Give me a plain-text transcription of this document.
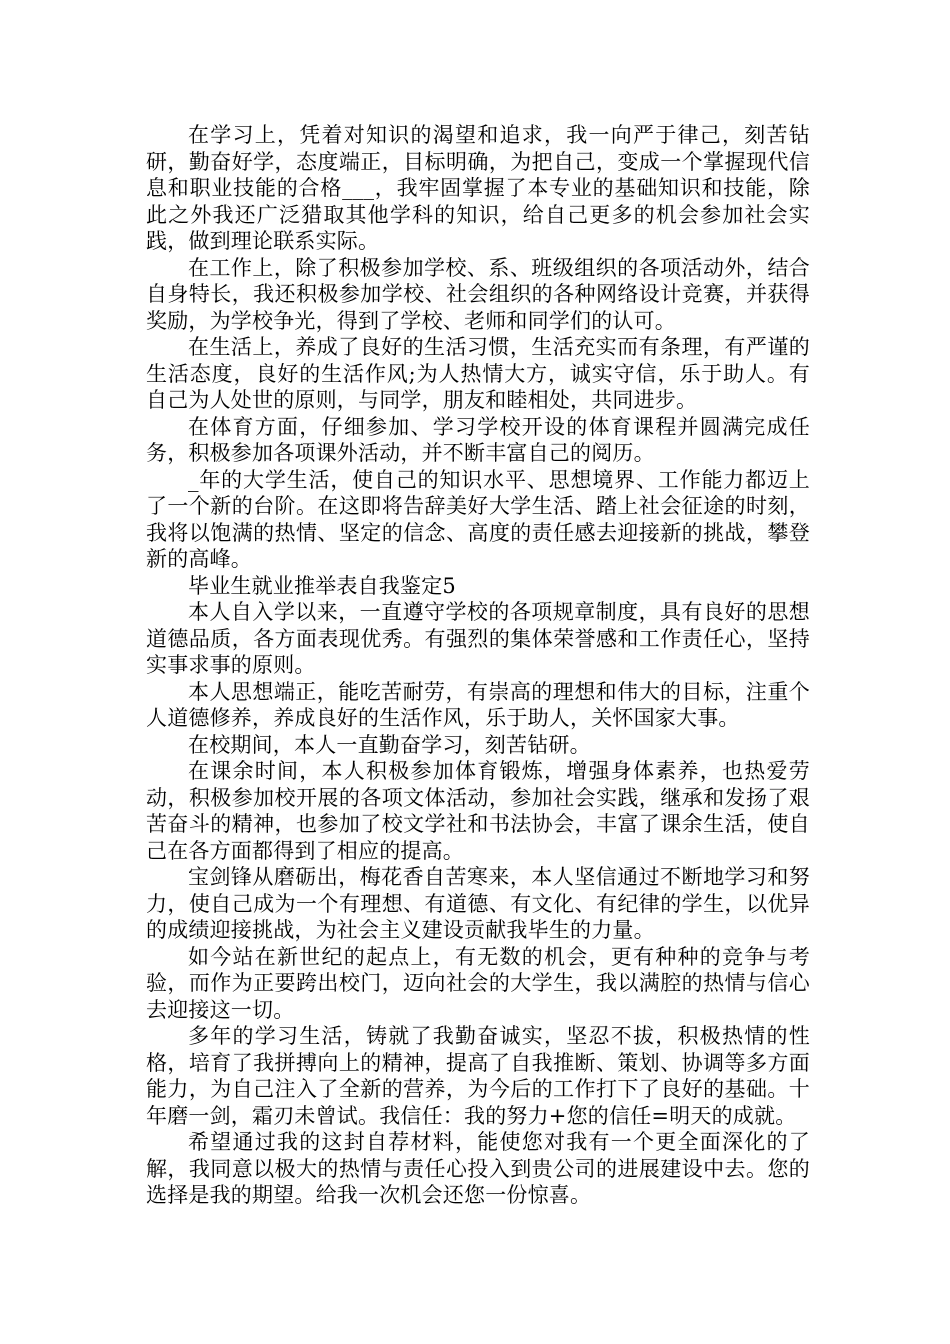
在学习上，凭着对知识的渴望和追求，我一向严于律己，刻苦钻研，勤奋好学，态度端正，目标明确，为把自己，变成一个掌握现代信息和职业技能的合格___，我牢固掌握了本专业的基础知识和技能，除此之外我还广泛猎取其他学科的知识，给自己更多的机会参加社会实践，做到理论联系实际。

在工作上，除了积极参加学校、系、班级组织的各项活动外，结合自身特长，我还积极参加学校、社会组织的各种网络设计竞赛，并获得奖励，为学校争光，得到了学校、老师和同学们的认可。

在生活上，养成了良好的生活习惯，生活充实而有条理，有严谨的生活态度，良好的生活作风;为人热情大方，诚实守信，乐于助人。有自己为人处世的原则，与同学，朋友和睦相处，共同进步。

在体育方面，仔细参加、学习学校开设的体育课程并圆满完成任务，积极参加各项课外活动，并不断丰富自己的阅历。

_年的大学生活，使自己的知识水平、思想境界、工作能力都迈上了一个新的台阶。在这即将告辞美好大学生活、踏上社会征途的时刻，我将以饱满的热情、坚定的信念、高度的责任感去迎接新的挑战，攀登新的高峰。

毕业生就业推举表自我鉴定5

本人自入学以来，一直遵守学校的各项规章制度，具有良好的思想道德品质，各方面表现优秀。有强烈的集体荣誉感和工作责任心，坚持实事求事的原则。

本人思想端正，能吃苦耐劳，有崇高的理想和伟大的目标，注重个人道德修养，养成良好的生活作风，乐于助人，关怀国家大事。

在校期间，本人一直勤奋学习，刻苦钻研。

在课余时间，本人积极参加体育锻炼，增强身体素养，也热爱劳动，积极参加校开展的各项文体活动，参加社会实践，继承和发扬了艰苦奋斗的精神，也参加了校文学社和书法协会，丰富了课余生活，使自己在各方面都得到了相应的提高。

宝剑锋从磨砺出，梅花香自苦寒来，本人坚信通过不断地学习和努力，使自己成为一个有理想、有道德、有文化、有纪律的学生，以优异的成绩迎接挑战，为社会主义建设贡献我毕生的力量。

如今站在新世纪的起点上，有无数的机会，更有种种的竞争与考验，而作为正要跨出校门，迈向社会的大学生，我以满腔的热情与信心去迎接这一切。

多年的学习生活，铸就了我勤奋诚实，坚忍不拔，积极热情的性格，培育了我拼搏向上的精神，提高了自我推断、策划、协调等多方面能力，为自己注入了全新的营养，为今后的工作打下了良好的基础。十年磨一剑，霜刃未曾试。我信任：我的努力+您的信任=明天的成就。

希望通过我的这封自荐材料，能使您对我有一个更全面深化的了解，我同意以极大的热情与责任心投入到贵公司的进展建设中去。您的选择是我的期望。给我一次机会还您一份惊喜。
